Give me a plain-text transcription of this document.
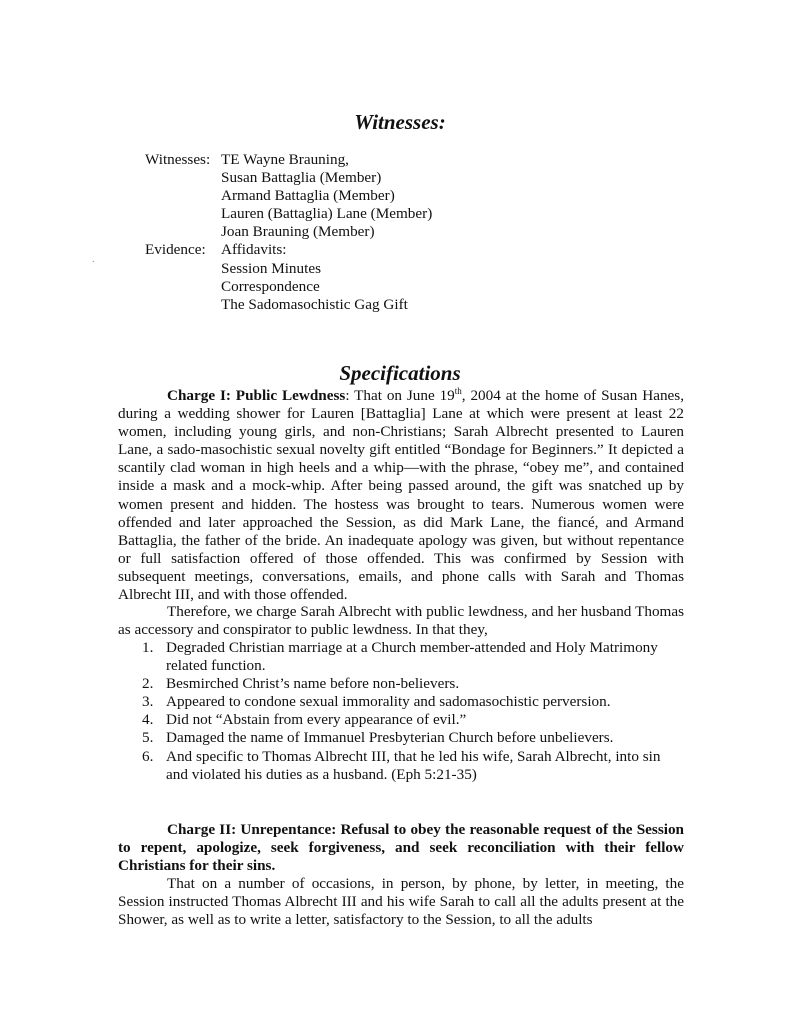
Witnesses:
Witnesses: TE Wayne Brauning,
Susan Battaglia (Member)
Armand Battaglia (Member)
Lauren (Battaglia) Lane (Member)
Joan Brauning (Member)
Evidence:	Affidavits:
Session Minutes
Correspondence
The Sadomasochistic Gag Gift
Specifications

Charge I: Public Lewdness: That on June 19th, 2004 at the home of Susan Hanes, during a wedding shower for Lauren [Battaglia] Lane at which were present at least 22 women, including young girls, and non-Christians; Sarah Albrecht presented to Lauren Lane, a sado-masochistic sexual novelty gift entitled “Bondage for Beginners.” It depicted a scantily clad woman in high heels and a whip—with the phrase, “obey me”, and contained inside a mask and a mock-whip. After being passed around, the gift was snatched up by women present and hidden. The hostess was brought to tears. Numerous women were offended and later approached the Session, as did Mark Lane, the fiancé, and Armand Battaglia, the father of the bride. An inadequate apology was given, but without repentance or full satisfaction offered of those offended. This was confirmed by Session with subsequent meetings, conversations, emails, and phone calls with Sarah and Thomas Albrecht III, and with those offended.

Therefore, we charge Sarah Albrecht with public lewdness, and her husband Thomas as accessory and conspirator to public lewdness. In that they,

1. Degraded Christian marriage at a Church member-attended and Holy Matrimony related function.
2. Besmirched Christ’s name before non-believers.
3. Appeared to condone sexual immorality and sadomasochistic perversion.
4. Did not “Abstain from every appearance of evil.”
5. Damaged the name of Immanuel Presbyterian Church before unbelievers.
6. And specific to Thomas Albrecht III, that he led his wife, Sarah Albrecht, into sin and violated his duties as a husband. (Eph 5:21-35)

Charge II: Unrepentance: Refusal to obey the reasonable request of the Session to repent, apologize, seek forgiveness, and seek reconciliation with their fellow Christians for their sins.

That on a number of occasions, in person, by phone, by letter, in meeting, the Session instructed Thomas Albrecht III and his wife Sarah to call all the adults present at the Shower, as well as to write a letter, satisfactory to the Session, to all the adults

.
